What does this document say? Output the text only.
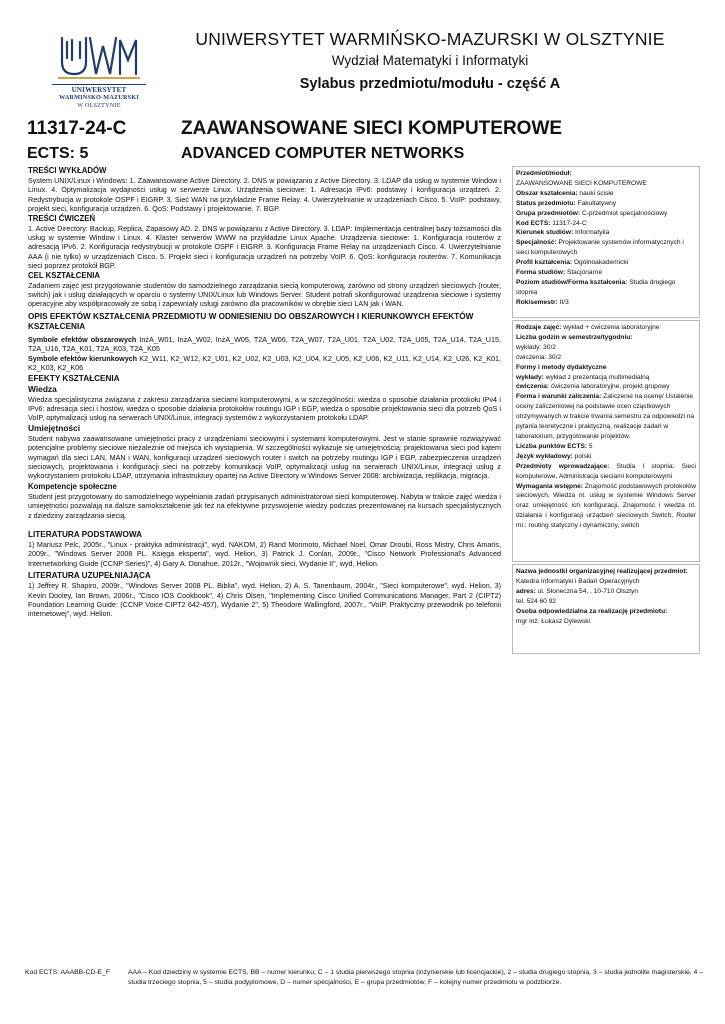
UNIWERSYTET
WARMIŃSKO-MAZURSKI
W OLSZTYNIE
UNIWERSYTET WARMIŃSKO-MAZURSKI W OLSZTYNIE
Wydział Matematyki i Informatyki
Sylabus przedmiotu/modułu - część A
11317-24-C	ZAAWANSOWANE SIECI KOMPUTEROWE
ECTS: 5	ADVANCED COMPUTER NETWORKS
TREŚCI WYKŁADÓW

System UNIX/Linux i Windows: 1. Zaawansowane Active Directory. 2. DNS w powiązaniu z Active Directory. 3. LDAP dla usług w systemie Window i Linux. 4. Optymalizacja wydajności usług w serwerze Linux. Urządzenia sieciowe: 1. Adresacja IPv6: podstawy i konfiguracja urządzeń. 2. Redystrybucja w protokole OSPF i EIGRP. 3. Sieć WAN na przykładzie Frame Relay. 4. Uwierzytelnianie w urządzeniach Cisco. 5. VoIP: podstawy, projekt sieci, konfiguracja urządzeń. 6. QoS: Podstawy i projektowanie. 7. BGP.

TREŚCI ĆWICZEŃ

1. Active Directory: Backup, Replica, Zapasowy AD. 2. DNS w powiązaniu z Active Directory. 3. LDAP: Implementacja centralnej bazy tożsamości dla usług w systemie Window i Linux. 4. Klaster serwerów WWW na przykładzie Linux Apache. Urządzenia sieciowe: 1. Konfiguracja routerów z adresacją IPv6. 2. Konfiguracja redystrybucji w protokole OSPF i EIGRP. 3. Konfiguracja Frame Relay na urządzeniach Cisco. 4. Uwierzytelnianie AAA (i nie tylko) w urządzeniach Cisco. 5. Projekt sieci i konfiguracja urządzeń na potrzeby VoIP. 6. QoS: konfiguracja routerów. 7. Komunikacja sieci poprzez protokół BGP.

CEL KSZTAŁCENIA

Zadaniem zajęć jest przygotowanie studentów do samodzielnego zarządzania siecią komputerową, zarówno od strony urządzeń sieciowych (router, switch) jak i usług działających w oparciu o systemy UNIX/Linux lub Windows Server. Student potrafi skonfigurować urządzenia sieciowe i systemy operacyjne aby współpracowały ze sobą i zapewniały usługi zarówno dla pracowników w obrębie sieci LAN jak i WAN.

OPIS EFEKTÓW KSZTAŁCENIA PRZEDMIOTU W ODNIESIENIU DO OBSZAROWYCH I KIERUNKOWYCH EFEKTÓW KSZTAŁCENIA

Symbole efektów obszarowych InżA_W01, InżA_W02, InżA_W05, T2A_W06, T2A_W07, T2A_U01, T2A_U02, T2A_U05, T2A_U14, T2A_U15, T2A_U16, T2A_K01, T2A_K03, T2A_K05

Symbole efektów kierunkowych K2_W11, K2_W12, K2_U01, K2_U02, K2_U03, K2_U04, K2_U05, K2_U06, K2_U11, K2_U14, K2_U26, K2_K01, K2_K03, K2_K06

EFEKTY KSZTAŁCENIA
Wiedza

Wiedza specjalistyczna związana z zakresu zarządzania sieciami komputerowymi, a w szczególności: wiedza o sposobie działania protokołu IPv4 i IPv6: adresacja sieci i hostów, wiedza o sposobie działania protokołów routingu IGP i EGP, wiedza o sposobie projektowania sieci dla potrzeb QoS i VoIP, optymalizacji usług na serwerach UNIX/Linux, integracji systemów z wykorzystaniem protokołu LDAP.

Umiejętności

Student nabywa zaawansowane umiejętności pracy z urządzeniami sieciowymi i systemami komputerowymi. Jest w stanie sprawnie rozwiązywać potencjalne problemy sieciowe niezależnie od miejsca ich wystąpienia. W szczególności wykazuje się umiejętnością: projektowania sieci pod kątem wymagań dla sieci LAN, MAN i WAN, konfiguracji urządzeń sieciowych router i switch na potrzeby routingu IGP i EGP, zabezpieczenia urządzeń sieciowych, projektowania i konfiguracji sieci na potrzeby komunikacji VoIP, optymalizacji usług na serwerach UNIX/Linux, integracji usług z wykorzystaniem protokołu LDAP, utrzymania infrastruktury opartej na Active Directory w Windows Server 2008: archiwizacja, replikacja, migracja.

Kompetencje społeczne

Student jest przygotowany do samodzielnego wypełniania zadań przypisanych administratorowi sieci komputerowej. Nabyta w trakcie zajęć wiedza i umiejętności pozwalają na dalsze samokształcenie jak też na efektywne przyswojenie wiedzy podczas prezentowanej na kursach specjalistycznych z dziedziny zarządzania siecią.

LITERATURA PODSTAWOWA

1) Mariusz Pelc, 2005r., "Linux - praktyka administracji", wyd. NAKOM, 2) Rand Morimoto, Michael Noel, Omar Droubi, Ross Mistry, Chris Amaris, 2009r., "Windows Server 2008 PL. Księga eksperta", wyd. Helion, 3) Patrick J. Conlan, 2009r., "Cisco Network Professional's Advanced Internetworking Guide (CCNP Series)", 4) Gary A. Donahue, 2012r., "Wojownik sieci, Wydanie II", wyd. Helion.

LITERATURA UZUPEŁNIAJĄCA

1) Jeffrey R. Shapiro, 2009r., "Windows Server 2008 PL. Biblia", wyd. Helion, 2) A. S. Tanenbaum, 2004r., "Sieci komputerowe", wyd. Helion, 3) Kevin Dooley, Ian Brown, 2006r., "Cisco IOS Cookbook", 4) Chris Olsen, "Implementing Cisco Unified Communications Manager, Part 2 (CIPT2) Foundation Learning Guide: (CCNP Voice CIPT2 642-457), Wydanie 2", 5) Theodore Wallingford, 2007r., "VoIP. Praktyczny przewodnik po telefonii internetowej", wyd. Helion.

Przedmiot/moduł:
ZAAWANSOWANE SIECI KOMPUTEROWE
Obszar kształcenia: nauki ścisłe
Status przedmiotu: Fakultatywny
Grupa przedmiotów: C-przedmiot specjalnościowy
Kod ECTS: 11317-24-C
Kierunek studiów: Informatyka
Specjalność: Projektowanie systemów informatycznych i sieci komputerowych
Profil kształcenia: Ogólnoakademicki
Forma studiów: Stacjonarne
Poziom studiów/Forma kształcenia: Studia drugiego stopnia
Rok/semestr: II/3
Rodzaje zajęć: wykład + ćwiczenia laboratoryjne
Liczba godzin w semestrze/tygodniu:
wykłady: 30/2
ćwiczenia: 30/2
Formy i metody dydaktyczne
wykłady: wykład z prezentacją multimedialną
ćwiczenia: ćwiczenia laboratoryjne, projekt grupowy
Forma i warunki zaliczenia: Zaliczenie na ocenę/ Ustalenie oceny zaliczeniowej na podstawie ocen cząstkowych otrzymywanych w trakcie trwania semestru za odpowiedzi na pytania teoretyczne i praktyczną, realizacje zadań w laboratorium, przygotowanie projektów.
Liczba punktów ECTS: 5
Język wykładowy: polski
Przedmioty wprowadzające: Studia I stopnia: Sieci komputerowe, Administracja sieciami komputerowymi
Wymagania wstępne: Znajomość podstawowych protokołów sieciowych, Wiedza nt. usług w systemie Windows Server oraz umiejętność ich konfiguracji, Znajomość i wiedza nt. działania i konfiguracji urządzeń sieciowych Switch, Router mi.: routing statyczny i dynamiczny, switch
Nazwa jednostki organizacyjnej realizującej przedmiot:
Katedra Informatyki i Badań Operacyjnych
adres: ul. Słoneczna 54, , 10-710 Olsztyn
tel. 524 60 92
Osoba odpowiedzialna za realizację przedmiotu:
mgr inż. Łukasz Dylewski
Kod ECTS: AAABB-CD-E_F	AAA – Kod dziedziny w systemie ECTS, BB – numer kierunku, C – 1 studia pierwszego stopnia (inżynierskie lub licencjackie), 2 – studia drugiego stopnia, 3 – studia jednolite magisterskie, 4 – studia trzeciego stopnia, 5 – studia podyplomowe, D – numer specjalności, E – grupa przedmiotów, F – kolejny numer przedmiotu w podzbiorze.
